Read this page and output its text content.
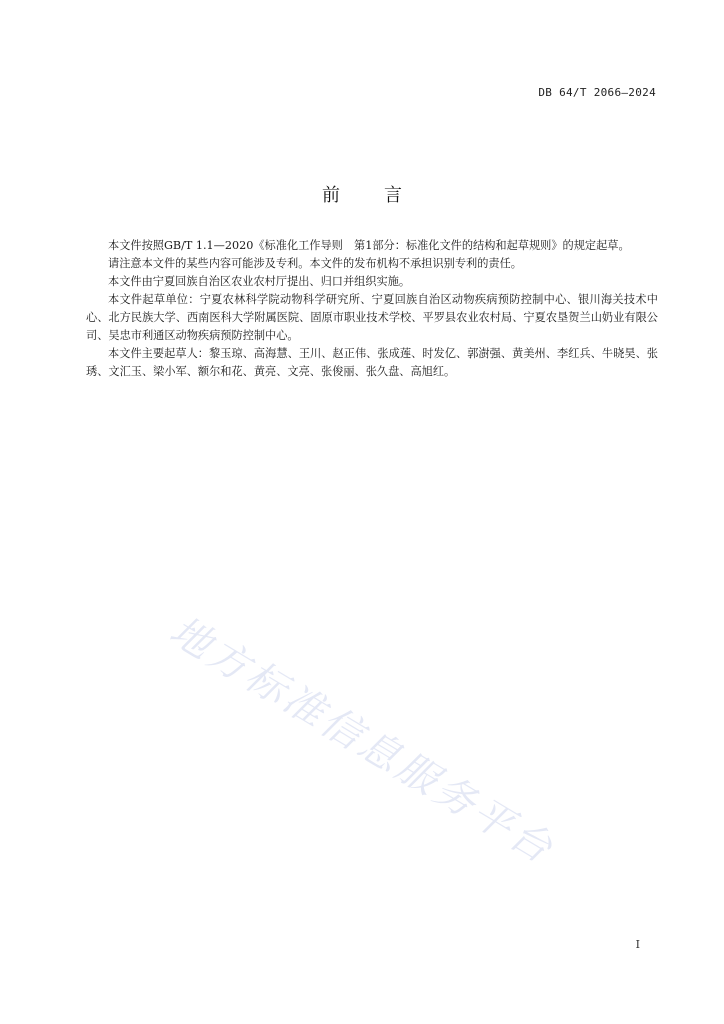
DB 64/T 2066—2024
前 言

本文件按照GB/T 1.1—2020《标准化工作导则　第1部分：标准化文件的结构和起草规则》的规定起草。

请注意本文件的某些内容可能涉及专利。本文件的发布机构不承担识别专利的责任。

本文件由宁夏回族自治区农业农村厅提出、归口并组织实施。

本文件起草单位：宁夏农林科学院动物科学研究所、宁夏回族自治区动物疾病预防控制中心、银川海关技术中心、北方民族大学、西南医科大学附属医院、固原市职业技术学校、平罗县农业农村局、宁夏农垦贺兰山奶业有限公司、吴忠市利通区动物疾病预防控制中心。

本文件主要起草人：黎玉琼、高海慧、王川、赵正伟、张成莲、时发亿、郭澍强、黄美州、李红兵、牛晓昊、张琇、文汇玉、梁小军、额尔和花、黄亮、文亮、张俊丽、张久盘、高旭红。

地方标准信息服务平台
I
